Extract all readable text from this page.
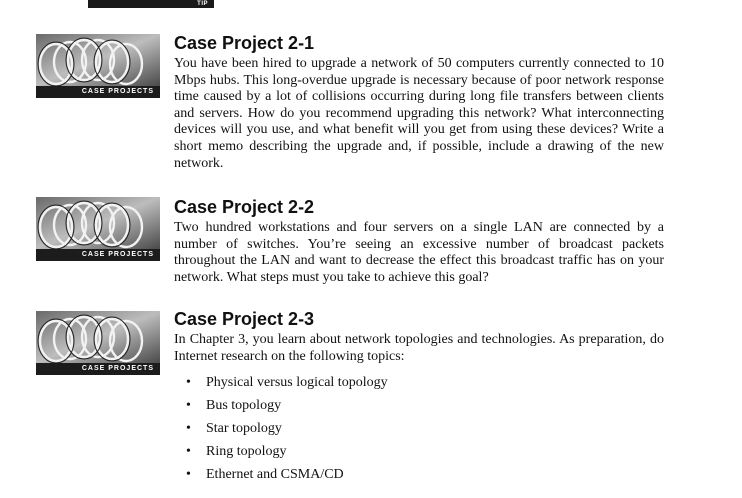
TIP
CASE PROJECTS
CASE PROJECTS
CASE PROJECTS
Case Project 2-1

You have been hired to upgrade a network of 50 computers currently connected to 10 Mbps hubs. This long-overdue upgrade is necessary because of poor network response time caused by a lot of collisions occurring during long file transfers between clients and servers. How do you recommend upgrading this network? What interconnecting devices will you use, and what benefit will you get from using these devices? Write a short memo describing the upgrade and, if possible, include a drawing of the new network.

Case Project 2-2

Two hundred workstations and four servers on a single LAN are connected by a number of switches. You’re seeing an excessive number of broadcast packets throughout the LAN and want to decrease the effect this broadcast traffic has on your network. What steps must you take to achieve this goal?

Case Project 2-3

In Chapter 3, you learn about network topologies and technologies. As preparation, do Internet research on the following topics:

• Physical versus logical topology
• Bus topology
• Star topology
• Ring topology
• Ethernet and CSMA/CD
